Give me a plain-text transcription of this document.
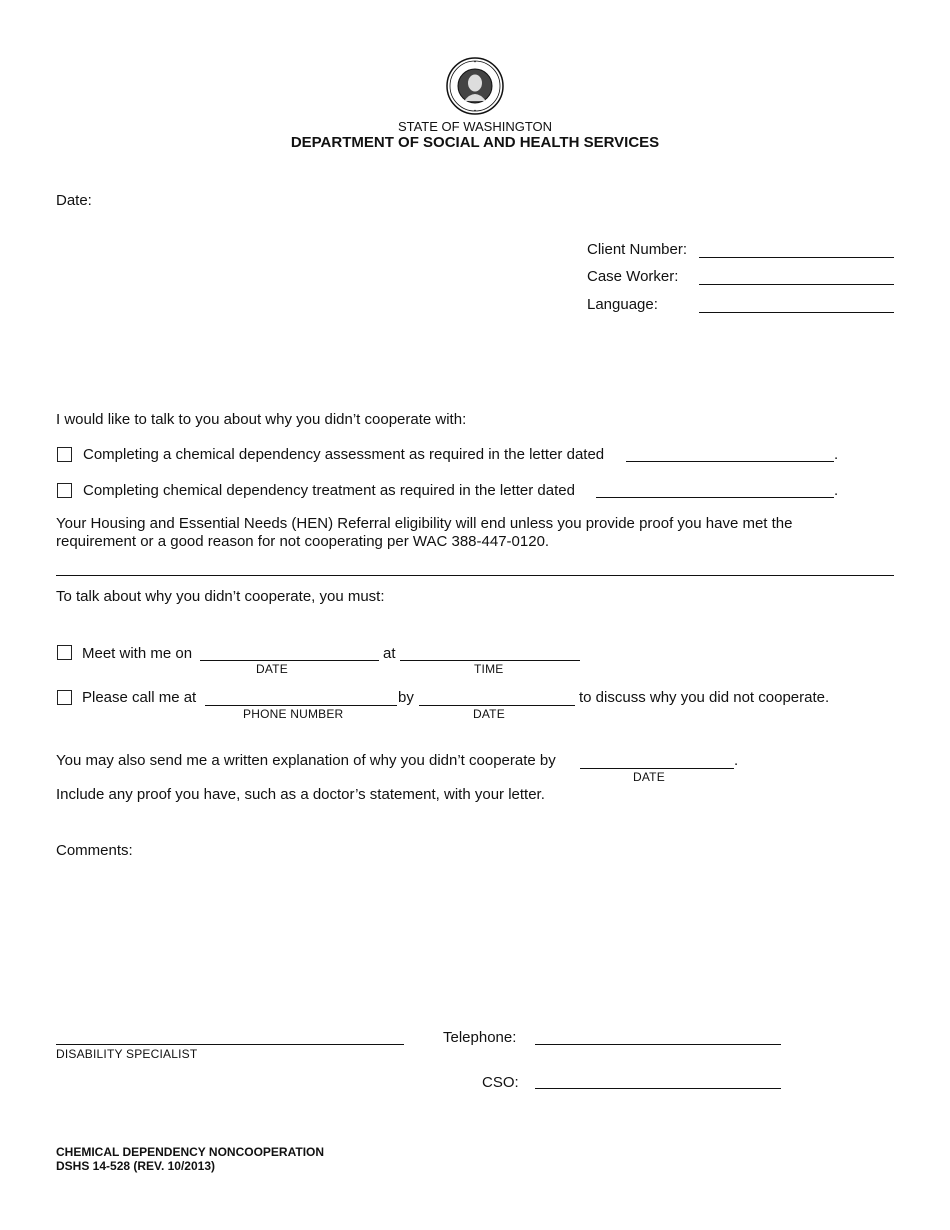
STATE OF WASHINGTON
DEPARTMENT OF SOCIAL AND HEALTH SERVICES
Date:
Client Number:
Case Worker:
Language:
I would like to talk to you about why you didn’t cooperate with:
Completing a chemical dependency assessment as required in the letter dated	.
Completing chemical dependency treatment as required in the letter dated	.
Your Housing and Essential Needs (HEN) Referral eligibility will end unless you provide proof you have met the requirement or a good reason for not cooperating per WAC 388-447-0120.
To talk about why you didn’t cooperate, you must:
Meet with me on
DATE
at
TIME
Please call me at
PHONE NUMBER
by
DATE
to discuss why you did not cooperate.
You may also send me a written explanation of why you didn’t cooperate by	.
DATE
Include any proof you have, such as a doctor’s statement, with your letter.
Comments:
DISABILITY SPECIALIST
Telephone:
CSO:
CHEMICAL DEPENDENCY NONCOOPERATION
DSHS 14-528 (REV. 10/2013)
